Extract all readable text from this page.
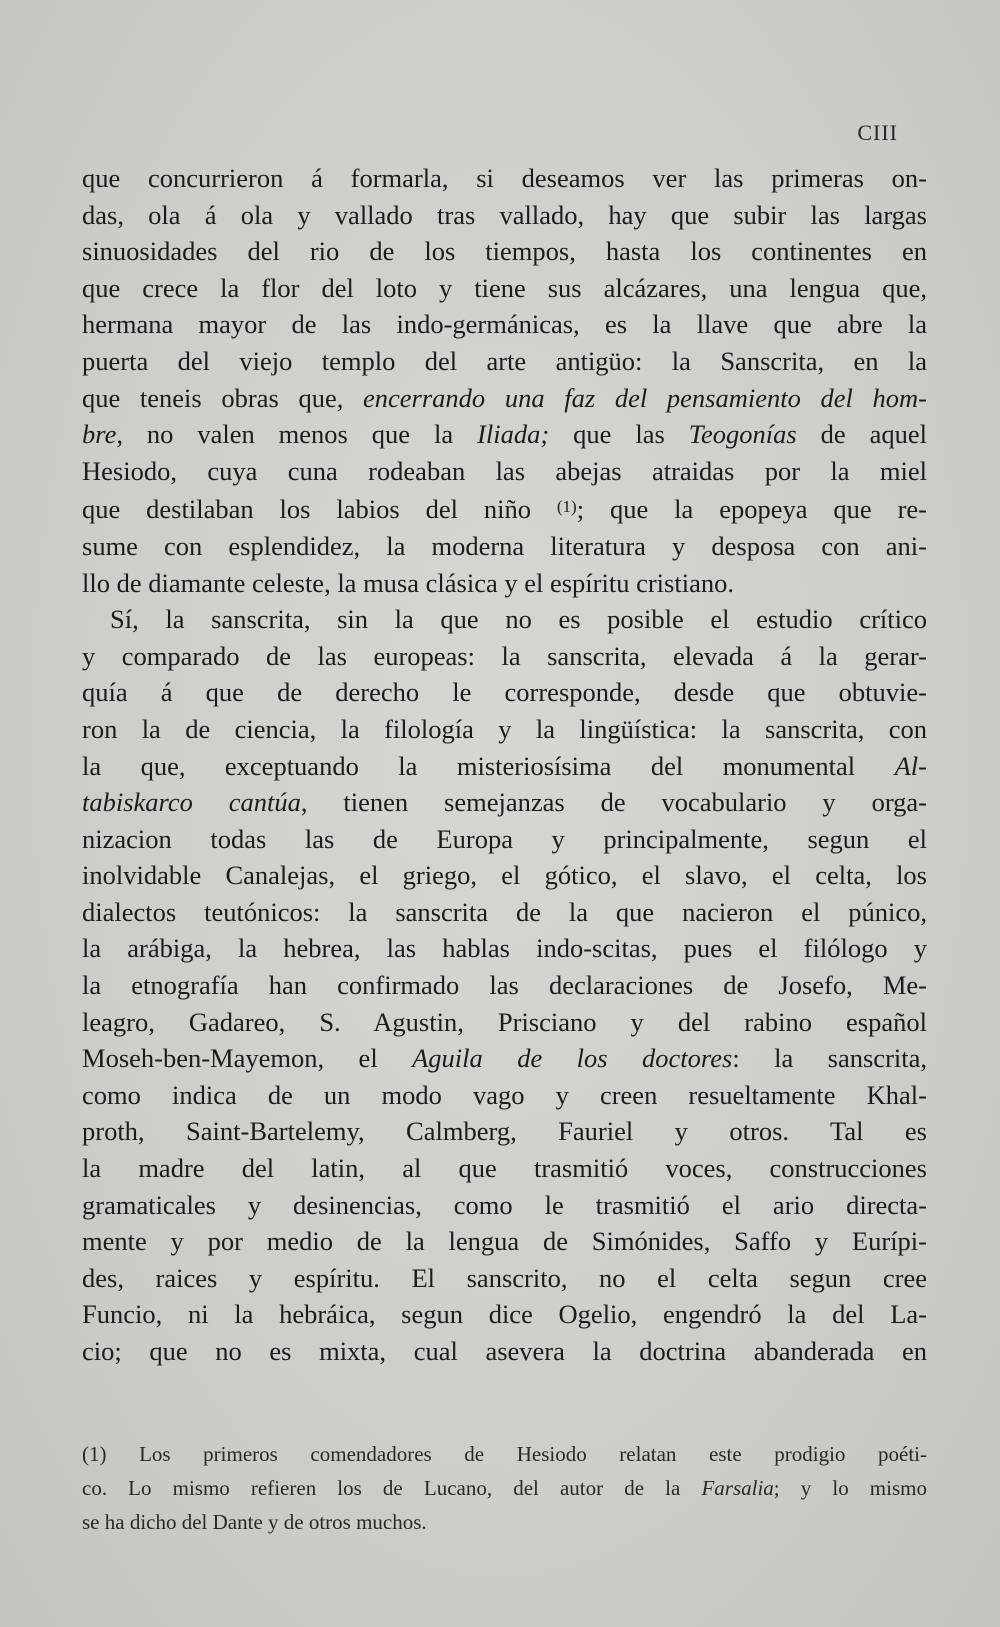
CIII
que concurrieron á formarla, si deseamos ver las primeras on-
das, ola á ola y vallado tras vallado, hay que subir las largas
sinuosidades del rio de los tiempos, hasta los continentes en
que crece la flor del loto y tiene sus alcázares, una lengua que,
hermana mayor de las indo-germánicas, es la llave que abre la
puerta del viejo templo del arte antigüo: la Sanscrita, en la
que teneis obras que, encerrando una faz del pensamiento del hom-
bre, no valen menos que la Iliada; que las Teogonías de aquel
Hesiodo, cuya cuna rodeaban las abejas atraidas por la miel
que destilaban los labios del niño $^{(1)}$; que la epopeya que re-
sume con esplendidez, la moderna literatura y desposa con ani-
llo de diamante celeste, la musa clásica y el espíritu cristiano.
Sí, la sanscrita, sin la que no es posible el estudio crítico
y comparado de las europeas: la sanscrita, elevada á la gerar-
quía á que de derecho le corresponde, desde que obtuvie-
ron la de ciencia, la filología y la lingüística: la sanscrita, con
la que, exceptuando la misteriosísima del monumental Al-
tabiskarco cantúa, tienen semejanzas de vocabulario y orga-
nizacion todas las de Europa y principalmente, segun el
inolvidable Canalejas, el griego, el gótico, el slavo, el celta, los
dialectos teutónicos: la sanscrita de la que nacieron el púnico,
la arábiga, la hebrea, las hablas indo-scitas, pues el filólogo y
la etnografía han confirmado las declaraciones de Josefo, Me-
leagro, Gadareo, S. Agustin, Prisciano y del rabino español
Moseh-ben-Mayemon, el Aguila de los doctores: la sanscrita,
como indica de un modo vago y creen resueltamente Khal-
proth, Saint-Bartelemy, Calmberg, Fauriel y otros. Tal es
la madre del latin, al que trasmitió voces, construcciones
gramaticales y desinencias, como le trasmitió el ario directa-
mente y por medio de la lengua de Simónides, Saffo y Eurípi-
des, raices y espíritu. El sanscrito, no el celta segun cree
Funcio, ni la hebráica, segun dice Ogelio, engendró la del La-
cio; que no es mixta, cual asevera la doctrina abanderada en
(1) Los primeros comendadores de Hesiodo relatan este prodigio poéti-
co. Lo mismo refieren los de Lucano, del autor de la Farsalia; y lo mismo
se ha dicho del Dante y de otros muchos.
